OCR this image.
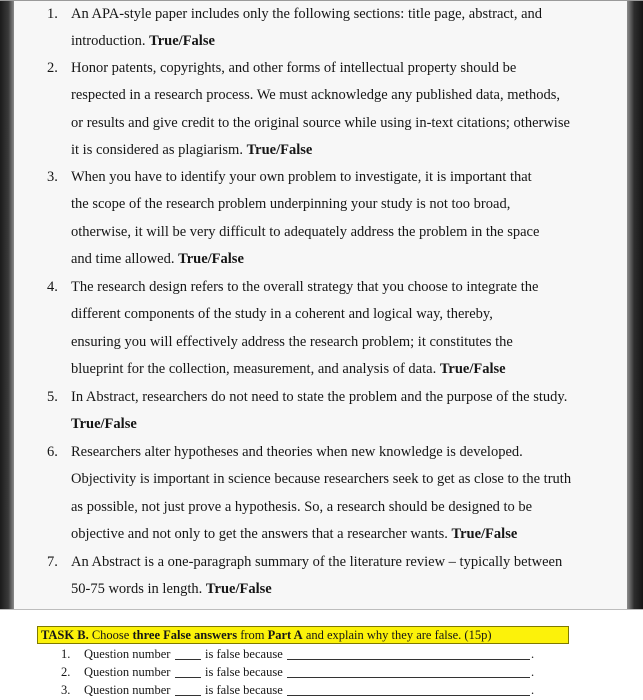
1. An APA-style paper includes only the following sections: title page, abstract, and
introduction. True/False
2. Honor patents, copyrights, and other forms of intellectual property should be
respected in a research process. We must acknowledge any published data, methods,
or results and give credit to the original source while using in-text citations; otherwise
it is considered as plagiarism. True/False
3. When you have to identify your own problem to investigate, it is important that
the scope of the research problem underpinning your study is not too broad,
otherwise, it will be very difficult to adequately address the problem in the space
and time allowed. True/False
4. The research design refers to the overall strategy that you choose to integrate the
different components of the study in a coherent and logical way, thereby,
ensuring you will effectively address the research problem; it constitutes the
blueprint for the collection, measurement, and analysis of data. True/False
5. In Abstract, researchers do not need to state the problem and the purpose of the study.
True/False
6. Researchers alter hypotheses and theories when new knowledge is developed.
Objectivity is important in science because researchers seek to get as close to the truth
as possible, not just prove a hypothesis. So, a research should be designed to be
objective and not only to get the answers that a researcher wants. True/False
7. An Abstract is a one-paragraph summary of the literature review – typically between
50-75 words in length. True/False
TASK B. Choose three False answers from Part A and explain why they are false. (15p)
1. Question number	is false because	.
2. Question number	is false because	.
3. Question number	is false because	.
